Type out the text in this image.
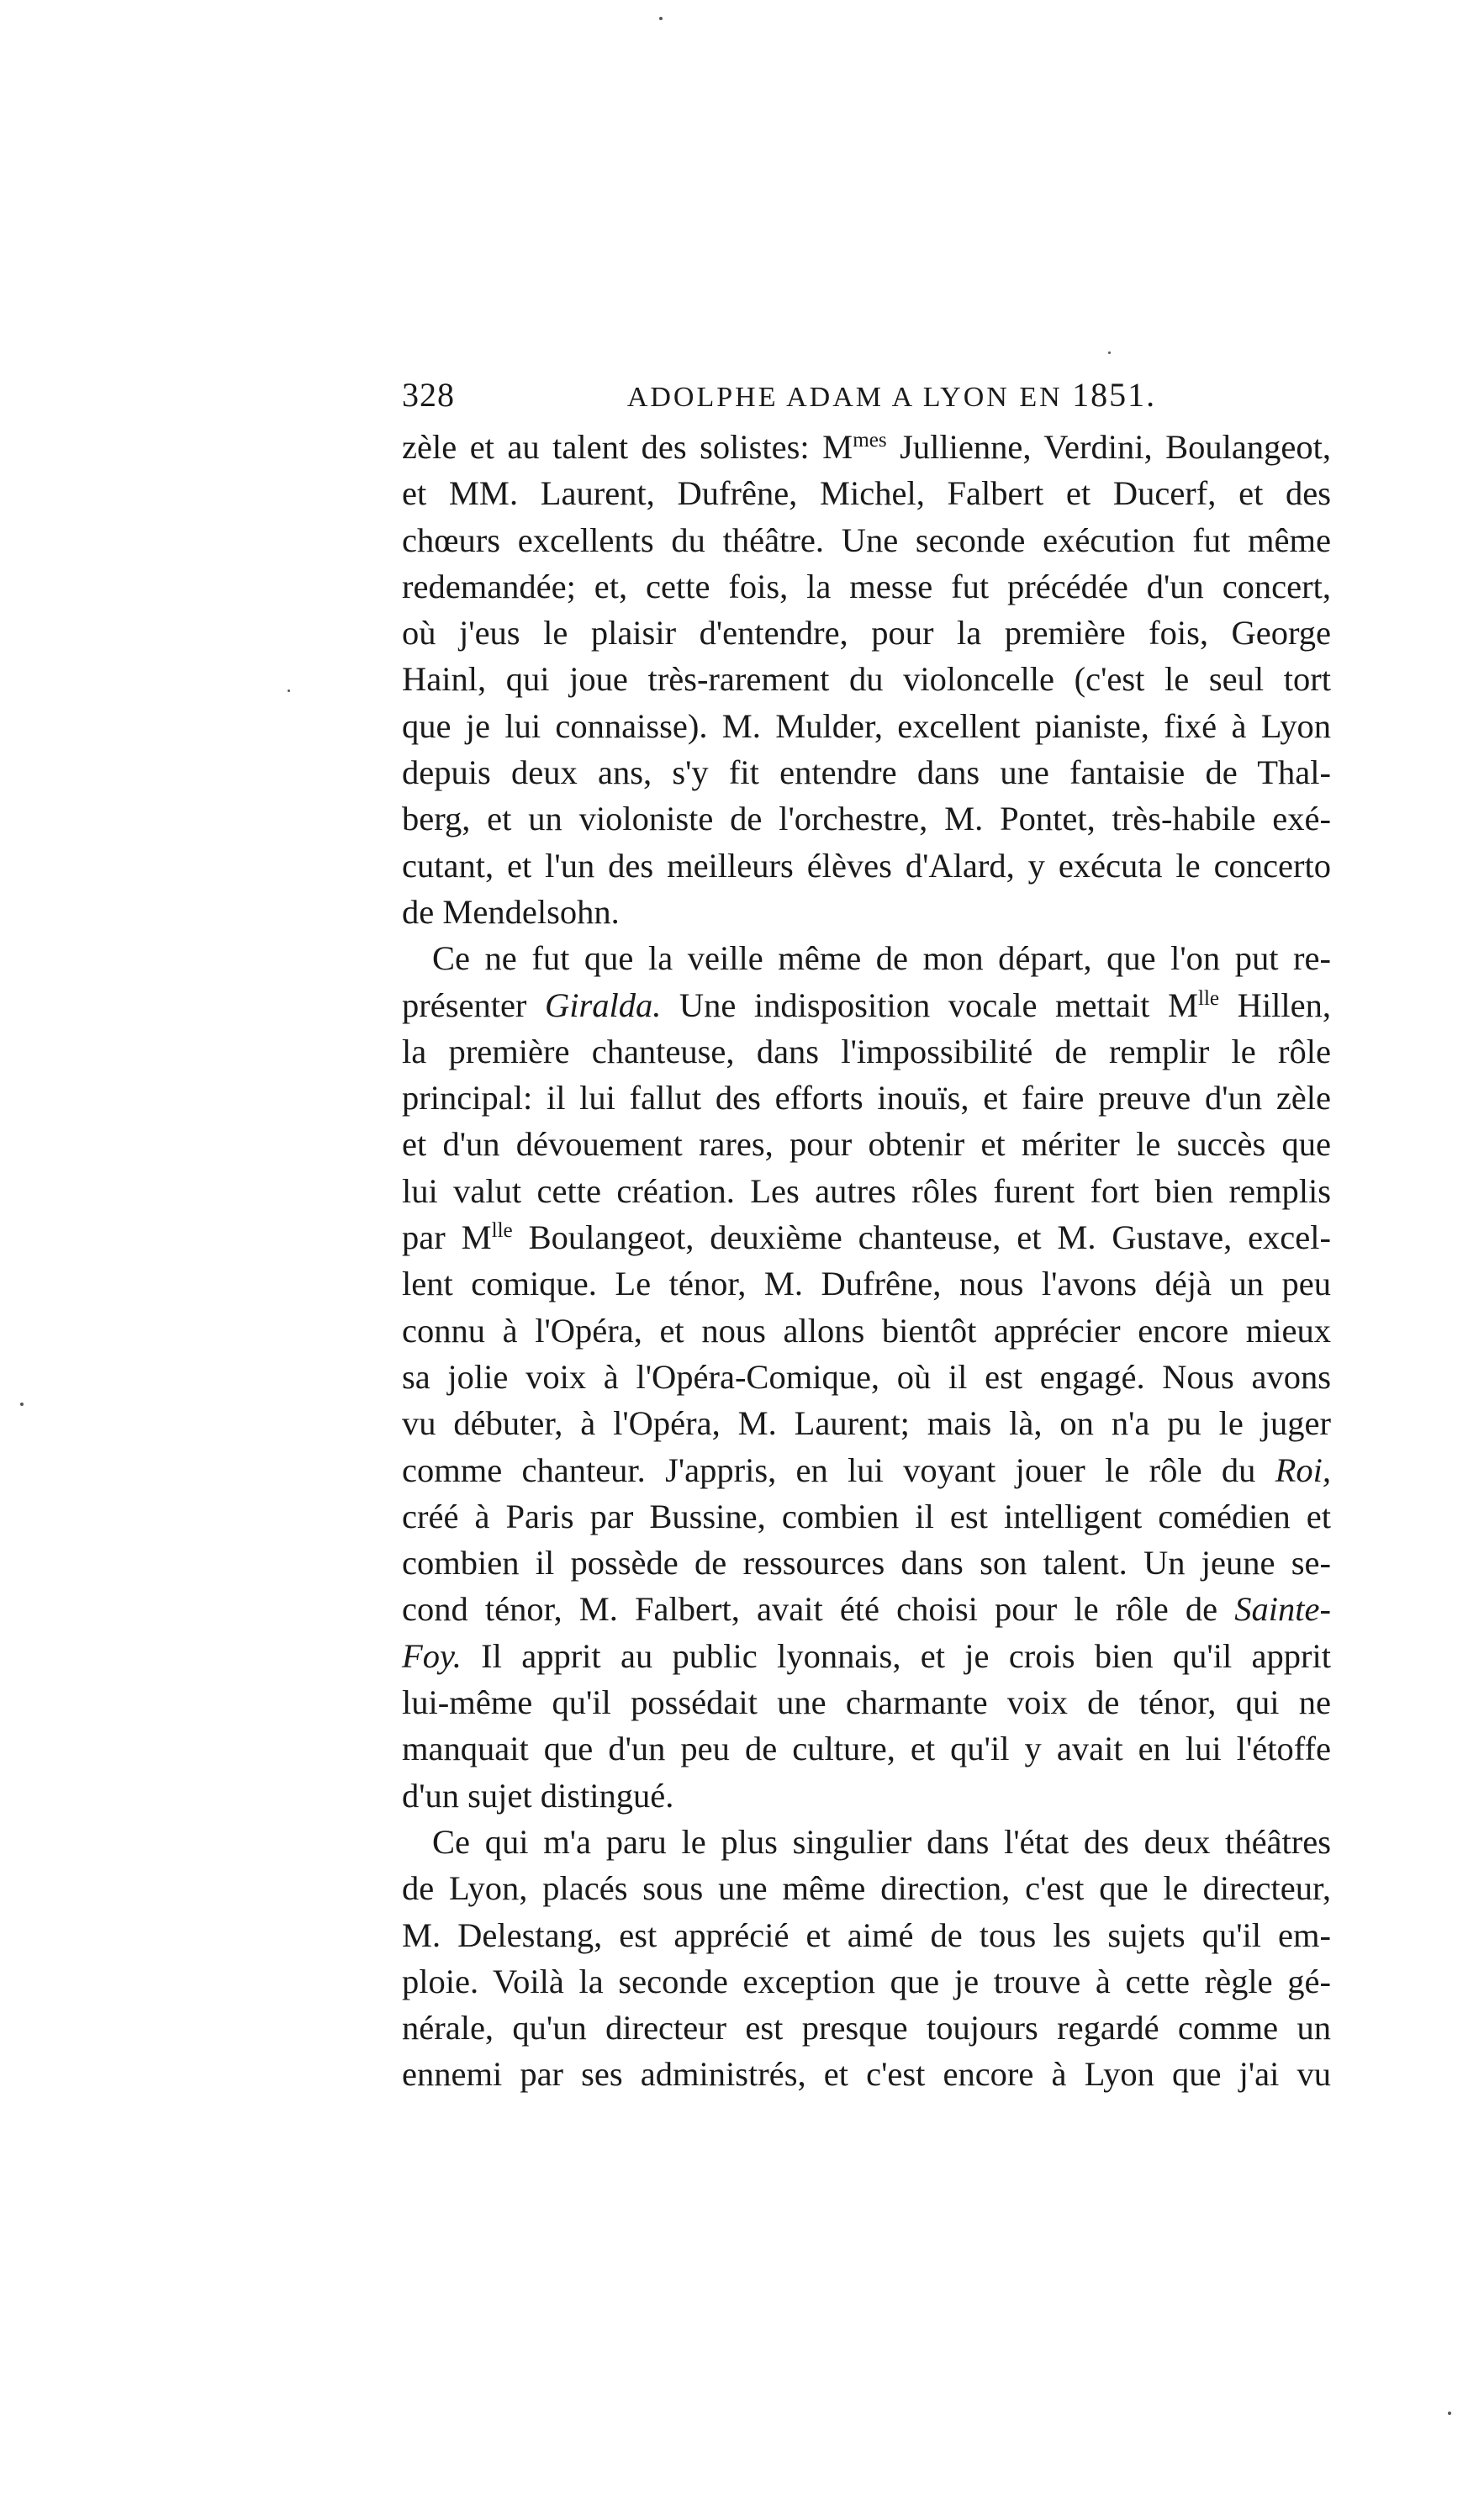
328	ADOLPHE ADAM A LYON EN 1851.
zèle et au talent des solistes: $M^{mes}$ Jullienne, Verdini, Boulangeot,
et MM. Laurent, Dufrêne, Michel, Falbert et Ducerf, et des
chœurs excellents du théâtre. Une seconde exécution fut même
redemandée; et, cette fois, la messe fut précédée d'un concert,
où j'eus le plaisir d'entendre, pour la première fois, George
Hainl, qui joue très-rarement du violoncelle (c'est le seul tort
que je lui connaisse). M. Mulder, excellent pianiste, fixé à Lyon
depuis deux ans, s'y fit entendre dans une fantaisie de Thal-
berg, et un violoniste de l'orchestre, M. Pontet, très-habile exé-
cutant, et l'un des meilleurs élèves d'Alard, y exécuta le concerto
de Mendelsohn.
Ce ne fut que la veille même de mon départ, que l'on put re-
présenter Giralda. Une indisposition vocale mettait $M^{lle}$ Hillen,
la première chanteuse, dans l'impossibilité de remplir le rôle
principal: il lui fallut des efforts inouïs, et faire preuve d'un zèle
et d'un dévouement rares, pour obtenir et mériter le succès que
lui valut cette création. Les autres rôles furent fort bien remplis
par $M^{lle}$ Boulangeot, deuxième chanteuse, et M. Gustave, excel-
lent comique. Le ténor, M. Dufrêne, nous l'avons déjà un peu
connu à l'Opéra, et nous allons bientôt apprécier encore mieux
sa jolie voix à l'Opéra-Comique, où il est engagé. Nous avons
vu débuter, à l'Opéra, M. Laurent; mais là, on n'a pu le juger
comme chanteur. J'appris, en lui voyant jouer le rôle du Roi,
créé à Paris par Bussine, combien il est intelligent comédien et
combien il possède de ressources dans son talent. Un jeune se-
cond ténor, M. Falbert, avait été choisi pour le rôle de Sainte-
Foy. Il apprit au public lyonnais, et je crois bien qu'il apprit
lui-même qu'il possédait une charmante voix de ténor, qui ne
manquait que d'un peu de culture, et qu'il y avait en lui l'étoffe
d'un sujet distingué.
Ce qui m'a paru le plus singulier dans l'état des deux théâtres
de Lyon, placés sous une même direction, c'est que le directeur,
M. Delestang, est apprécié et aimé de tous les sujets qu'il em-
ploie. Voilà la seconde exception que je trouve à cette règle gé-
nérale, qu'un directeur est presque toujours regardé comme un
ennemi par ses administrés, et c'est encore à Lyon que j'ai vu
